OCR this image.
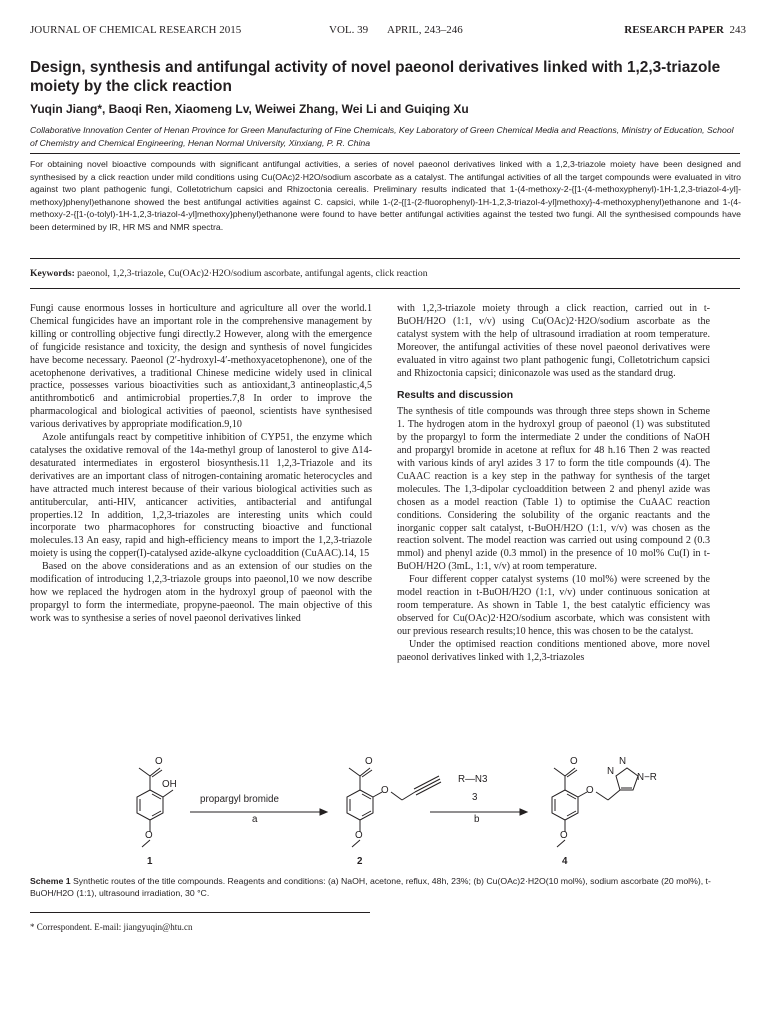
JOURNAL OF CHEMICAL RESEARCH 2015	VOL. 39 APRIL, 243–246	RESEARCH PAPER 243
Design, synthesis and antifungal activity of novel paeonol derivatives linked with 1,2,3-triazole moiety by the click reaction
Yuqin Jiang*, Baoqi Ren, Xiaomeng Lv, Weiwei Zhang, Wei Li and Guiqing Xu
Collaborative Innovation Center of Henan Province for Green Manufacturing of Fine Chemicals, Key Laboratory of Green Chemical Media and Reactions, Ministry of Education, School of Chemistry and Chemical Engineering, Henan Normal University, Xinxiang, P. R. China
For obtaining novel bioactive compounds with significant antifungal activities, a series of novel paeonol derivatives linked with a 1,2,3-triazole moiety have been designed and synthesised by a click reaction under mild conditions using Cu(OAc)2·H2O/sodium ascorbate as a catalyst. The antifungal activities of all the target compounds were evaluated in vitro against two plant pathogenic fungi, Colletotrichum capsici and Rhizoctonia cerealis. Preliminary results indicated that 1-(4-methoxy-2-{[1-(4-methoxyphenyl)-1H-1,2,3-triazol-4-yl]-methoxy}phenyl)ethanone showed the best antifungal activities against C. capsici, while 1-(2-{[1-(2-fluorophenyl)-1H-1,2,3-triazol-4-yl]methoxy}-4-methoxyphenyl)ethanone and 1-(4-methoxy-2-{[1-(o-tolyl)-1H-1,2,3-triazol-4-yl]methoxy}phenyl)ethanone were found to have better antifungal activities against the tested two fungi. All the synthesised compounds have been determined by IR, HR MS and NMR spectra.
Keywords: paeonol, 1,2,3-triazole, Cu(OAc)2·H2O/sodium ascorbate, antifungal agents, click reaction

Fungi cause enormous losses in horticulture and agriculture all over the world.1 Chemical fungicides have an important role in the comprehensive management by killing or controlling objective fungi directly.2 However, along with the emergence of fungicide resistance and toxicity, the design and synthesis of novel fungicides have become necessary. Paeonol (2′-hydroxyl-4′-methoxyacetophenone), one of the acetophenone derivatives, a traditional Chinese medicine widely used in clinical practice, possesses various bioactivities such as antioxidant,3 antineoplastic,4,5 antithrombotic6 and antimicrobial properties.7,8 In order to improve the pharmacological and biological activities of paeonol, scientists have synthesised various derivatives by appropriate modification.9,10

Azole antifungals react by competitive inhibition of CYP51, the enzyme which catalyses the oxidative removal of the 14a-methyl group of lanosterol to give Δ14-desaturated intermediates in ergosterol biosynthesis.11 1,2,3-Triazole and its derivatives are an important class of nitrogen-containing aromatic heterocycles and have attracted much interest because of their various biological activities such as antitubercular, anti-HIV, anticancer activities, antibacterial and antifungal properties.12 In addition, 1,2,3-triazoles are interesting units which could incorporate two pharmacophores for constructing bioactive and functional molecules.13 An easy, rapid and high-efficiency means to import the 1,2,3-triazole moiety is using the copper(I)-catalysed azide-alkyne cycloaddition (CuAAC).14, 15

Based on the above considerations and as an extension of our studies on the modification of introducing 1,2,3-triazole groups into paeonol,10 we now describe how we replaced the hydrogen atom in the hydroxyl group of paeonol with the propargyl to form the intermediate, propyne-paeonol. The main objective of this work was to synthesise a series of novel paeonol derivatives linked

with 1,2,3-triazole moiety through a click reaction, carried out in t-BuOH/H2O (1:1, v/v) using Cu(OAc)2·H2O/sodium ascorbate as the catalyst system with the help of ultrasound irradiation at room temperature. Moreover, the antifungal activities of these novel paeonol derivatives were evaluated in vitro against two plant pathogenic fungi, Colletotrichum capsici and Rhizoctonia capsici; diniconazole was used as the standard drug.

Results and discussion

The synthesis of title compounds was through three steps shown in Scheme 1. The hydrogen atom in the hydroxyl group of paeonol (1) was substituted by the propargyl to form the intermediate 2 under the conditions of NaOH and propargyl bromide in acetone at reflux for 48 h.16 Then 2 was reacted with various kinds of aryl azides 3 17 to form the title compounds (4). The CuAAC reaction is a key step in the pathway for synthesis of the target molecules. The 1,3-dipolar cycloaddition between 2 and phenyl azide was chosen as a model reaction (Table 1) to optimise the CuAAC reaction conditions. Considering the solubility of the organic reactants and the inorganic copper salt catalyst, t-BuOH/H2O (1:1, v/v) was chosen as the reaction solvent. The model reaction was carried out using compound 2 (0.3 mmol) and phenyl azide (0.3 mmol) in the presence of 10 mol% Cu(I) in t-BuOH/H2O (3mL, 1:1, v/v) at room temperature.

Four different copper catalyst systems (10 mol%) were screened by the model reaction in t-BuOH/H2O (1:1, v/v) under continuous sonication at room temperature. As shown in Table 1, the best catalytic efficiency was observed for Cu(OAc)2·H2O/sodium ascorbate, which was consistent with our previous research results;10 hence, this was chosen to be the catalyst.

Under the optimised reaction conditions mentioned above, more novel paeonol derivatives linked with 1,2,3-triazoles

OH
O
O
O
O
O
O
O
O
N
N
N−R
propargyl bromide
a
R—N3
3
b
1	2	4
Scheme 1 Synthetic routes of the title compounds. Reagents and conditions: (a) NaOH, acetone, reflux, 48h, 23%; (b) Cu(OAc)2·H2O(10 mol%), sodium ascorbate (20 mol%), t-BuOH/H2O (1:1), ultrasound irradiation, 30 °C.
* Correspondent. E-mail: jiangyuqin@htu.cn
